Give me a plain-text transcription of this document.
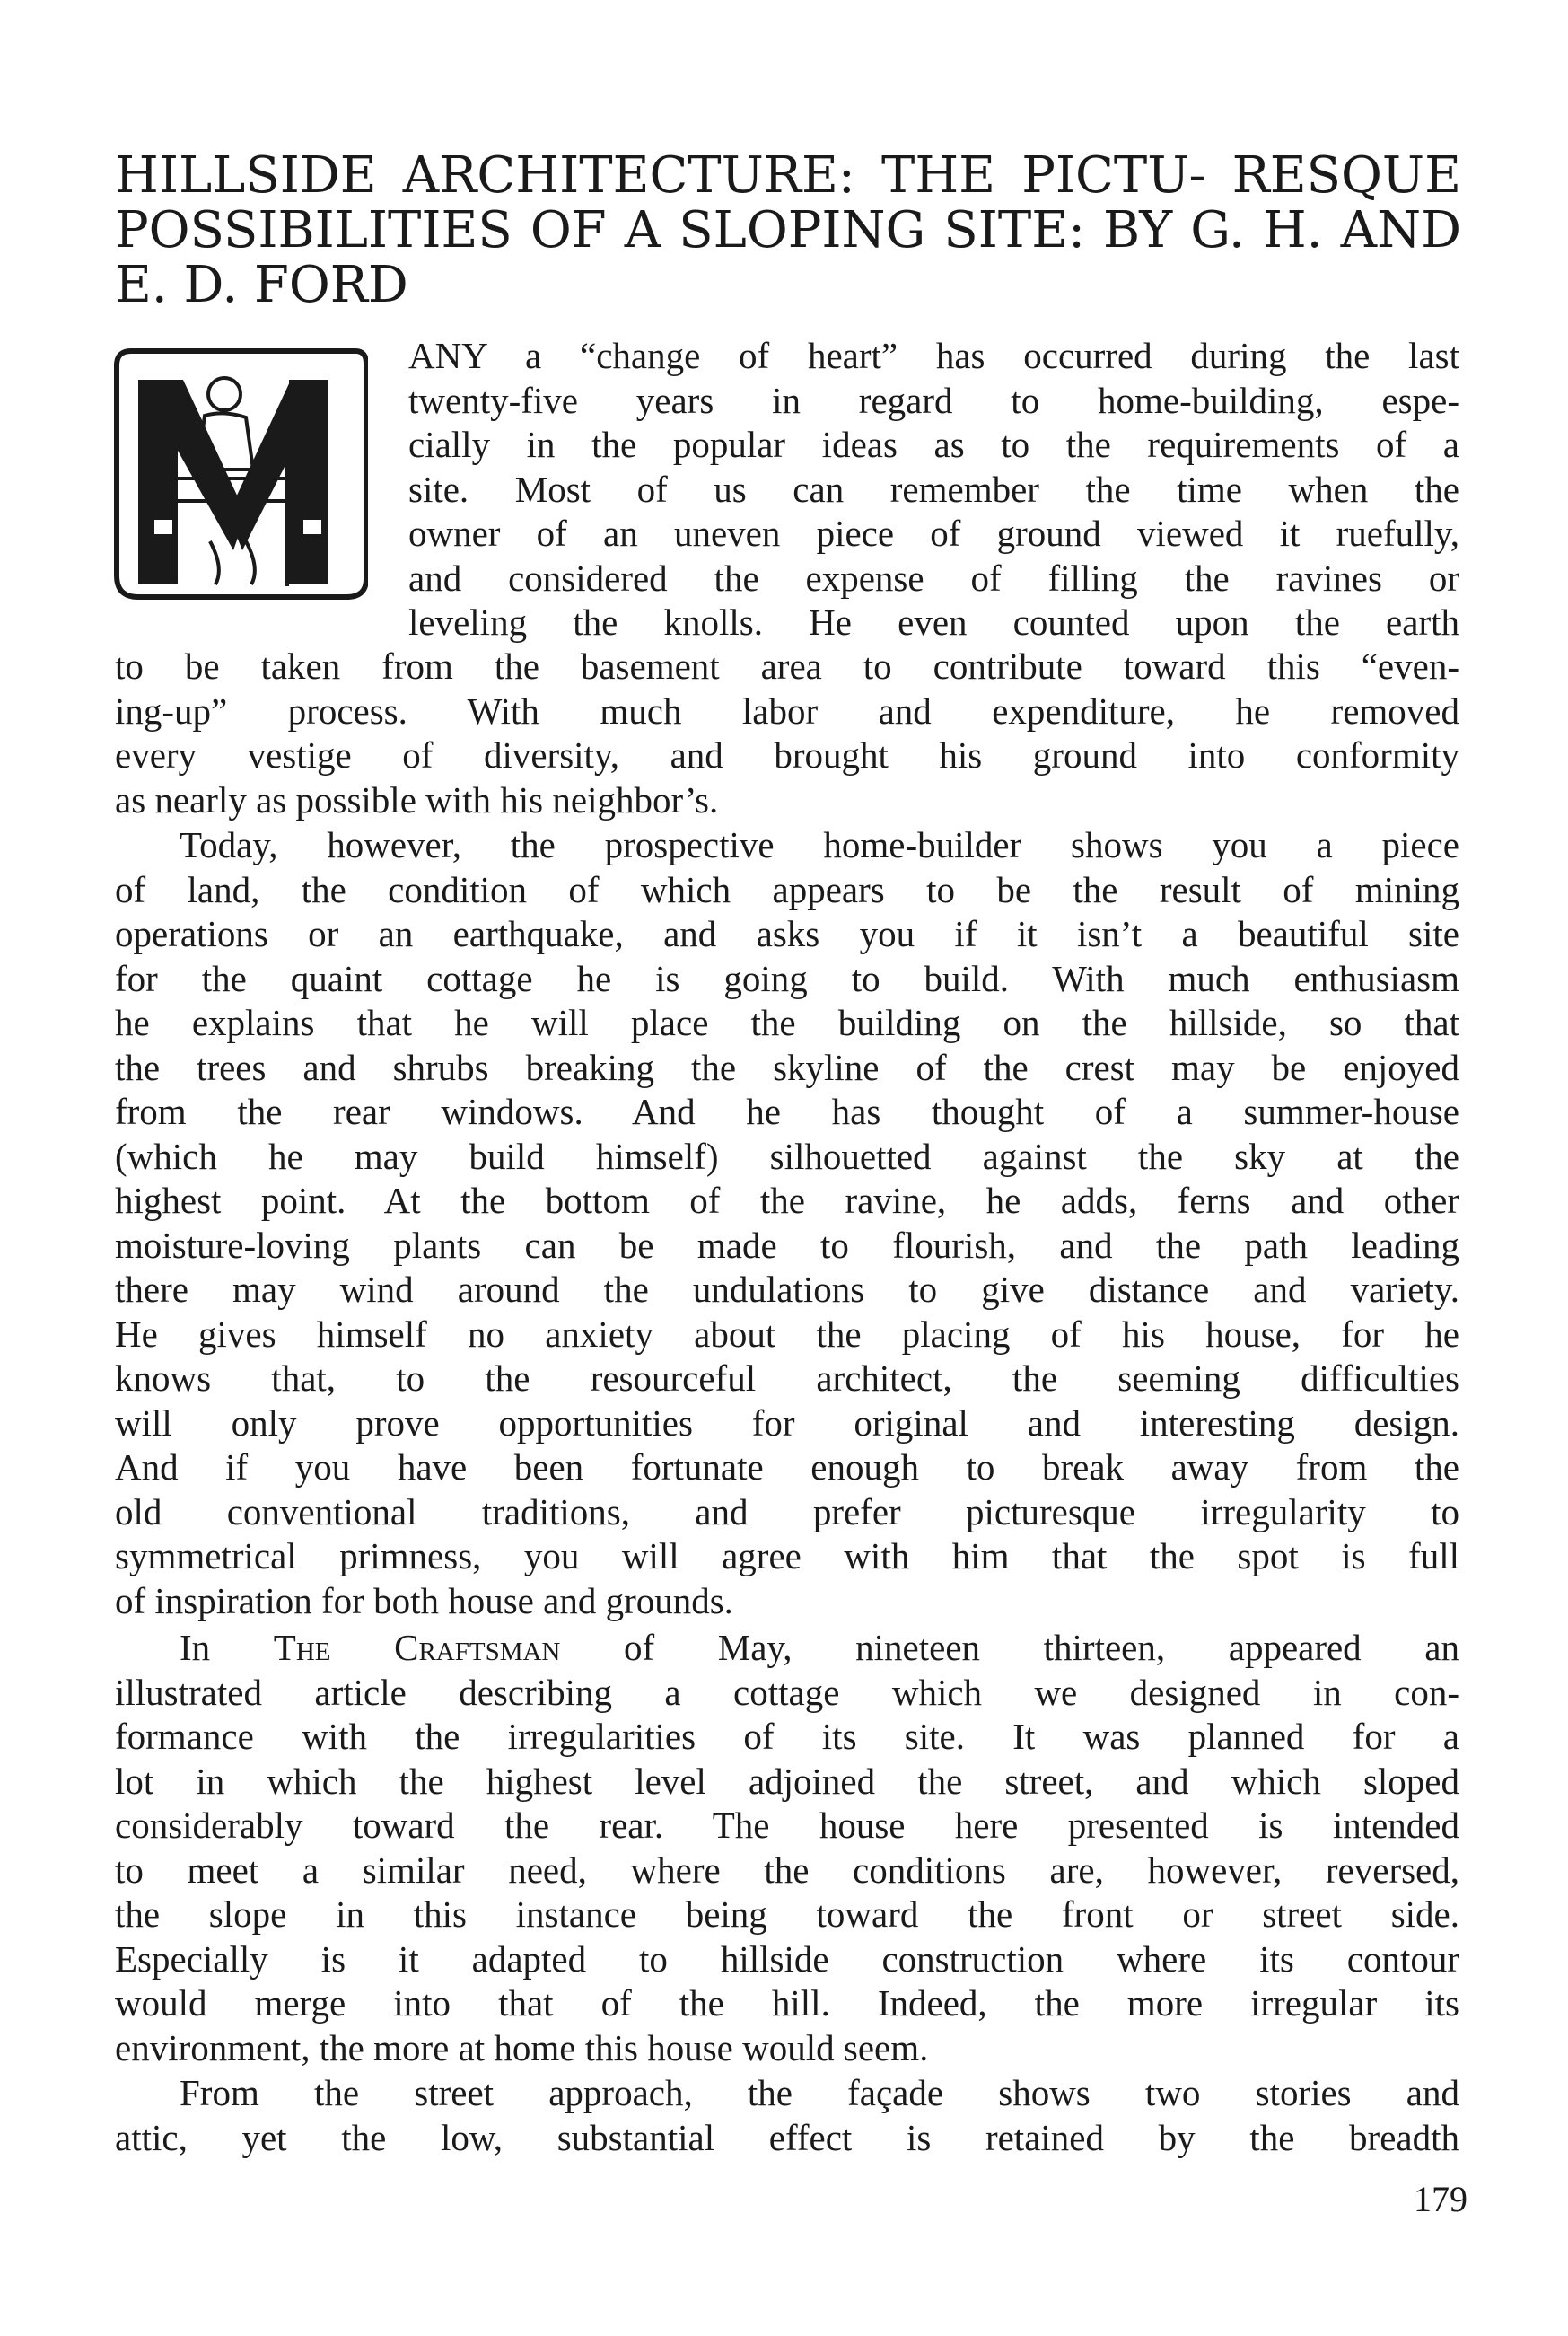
HILLSIDE ARCHITECTURE: THE PICTU- RESQUE POSSIBILITIES OF A SLOPING SITE: BY G. H. AND E. D. FORD

ANY a “change of heart” has occurred during the last

twenty-five years in regard to home-building, espe-

cially in the popular ideas as to the requirements of a

site. Most of us can remember the time when the

owner of an uneven piece of ground viewed it ruefully,

and considered the expense of filling the ravines or

leveling the knolls. He even counted upon the earth

to be taken from the basement area to contribute toward this “even-

ing-up” process. With much labor and expenditure, he removed

every vestige of diversity, and brought his ground into conformity

as nearly as possible with his neighbor’s.

Today, however, the prospective home-builder shows you a piece

of land, the condition of which appears to be the result of mining

operations or an earthquake, and asks you if it isn’t a beautiful site

for the quaint cottage he is going to build. With much enthusiasm

he explains that he will place the building on the hillside, so that

the trees and shrubs breaking the skyline of the crest may be enjoyed

from the rear windows. And he has thought of a summer-house

(which he may build himself) silhouetted against the sky at the

highest point. At the bottom of the ravine, he adds, ferns and other

moisture-loving plants can be made to flourish, and the path leading

there may wind around the undulations to give distance and variety.

He gives himself no anxiety about the placing of his house, for he

knows that, to the resourceful architect, the seeming difficulties

will only prove opportunities for original and interesting design.

And if you have been fortunate enough to break away from the

old conventional traditions, and prefer picturesque irregularity to

symmetrical primness, you will agree with him that the spot is full

of inspiration for both house and grounds.

In The Craftsman of May, nineteen thirteen, appeared an

illustrated article describing a cottage which we designed in con-

formance with the irregularities of its site. It was planned for a

lot in which the highest level adjoined the street, and which sloped

considerably toward the rear. The house here presented is intended

to meet a similar need, where the conditions are, however, reversed,

the slope in this instance being toward the front or street side.

Especially is it adapted to hillside construction where its contour

would merge into that of the hill. Indeed, the more irregular its

environment, the more at home this house would seem.

From the street approach, the façade shows two stories and

attic, yet the low, substantial effect is retained by the breadth

179
